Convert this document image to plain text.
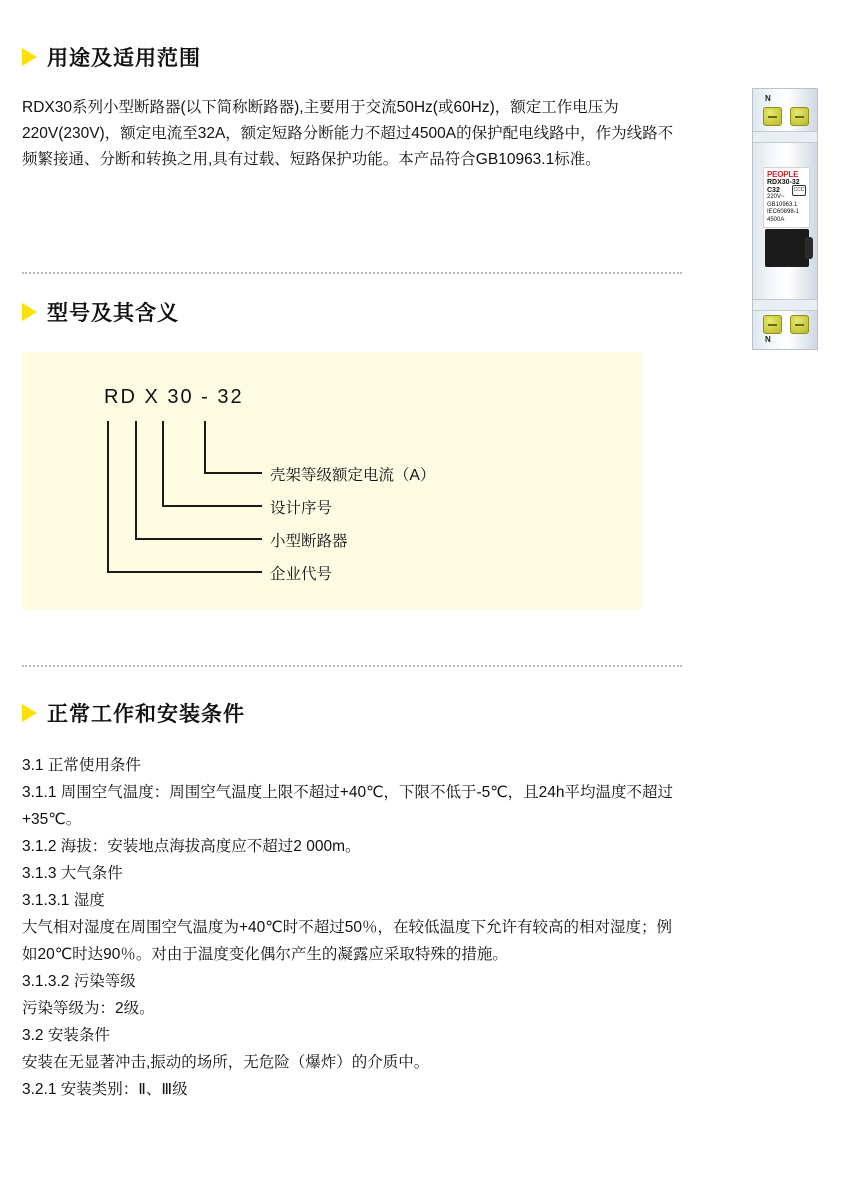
用途及适用范围

RDX30系列小型断路器(以下简称断路器),主要用于交流50Hz(或60Hz)，额定工作电压为220V(230V)，额定电流至32A，额定短路分断能力不超过4500A的保护配电线路中，作为线路不频繁接通、分断和转换之用,具有过载、短路保护功能。本产品符合GB10963.1标准。

N
N
PEOPLE
RDX30-32
C32
220V~
GB10963.1
IEC60898-1
4500A
CCC
型号及其含义
RD X 30 - 32
企业代号
小型断路器
设计序号
壳架等级额定电流（A）
正常工作和安装条件

3.1 正常使用条件

3.1.1 周围空气温度：周围空气温度上限不超过+40℃，下限不低于-5℃，且24h平均温度不超过+35℃。

3.1.2 海拔：安装地点海拔高度应不超过2 000m。

3.1.3 大气条件

3.1.3.1 湿度

大气相对湿度在周围空气温度为+40℃时不超过50％，在较低温度下允许有较高的相对湿度；例如20℃时达90％。对由于温度变化偶尔产生的凝露应采取特殊的措施。

3.1.3.2 污染等级

污染等级为：2级。

3.2 安装条件

安装在无显著冲击,振动的场所，无危险（爆炸）的介质中。

3.2.1 安装类别：Ⅱ、Ⅲ级
